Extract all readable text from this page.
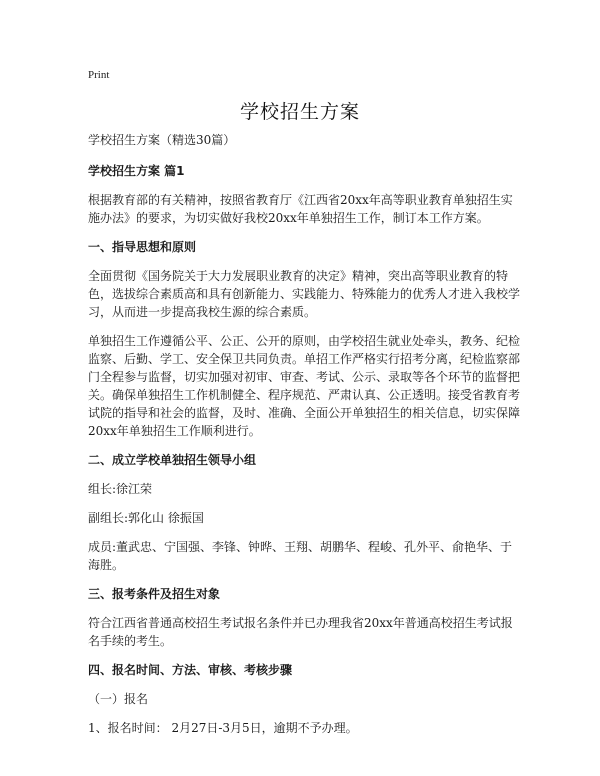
Print
学校招生方案

学校招生方案（精选30篇）

学校招生方案 篇1

根据教育部的有关精神，按照省教育厅《江西省20xx年高等职业教育单独招生实施办法》的要求，为切实做好我校20xx年单独招生工作，制订本工作方案。

一、指导思想和原则

全面贯彻《国务院关于大力发展职业教育的决定》精神，突出高等职业教育的特色，选拔综合素质高和具有创新能力、实践能力、特殊能力的优秀人才进入我校学习，从而进一步提高我校生源的综合素质。

单独招生工作遵循公平、公正、公开的原则，由学校招生就业处牵头，教务、纪检监察、后勤、学工、安全保卫共同负责。单招工作严格实行招考分离，纪检监察部门全程参与监督，切实加强对初审、审查、考试、公示、录取等各个环节的监督把关。确保单独招生工作机制健全、程序规范、严肃认真、公正透明。接受省教育考试院的指导和社会的监督，及时、准确、全面公开单独招生的相关信息，切实保障20xx年单独招生工作顺利进行。

二、成立学校单独招生领导小组

组长:徐江荣

副组长:郭化山 徐振国

成员:董武忠、宁国强、李锋、钟晔、王翔、胡鹏华、程峻、孔外平、俞艳华、于海胜。

三、报考条件及招生对象

符合江西省普通高校招生考试报名条件并已办理我省20xx年普通高校招生考试报名手续的考生。

四、报名时间、方法、审核、考核步骤

（一）报名

1、报名时间： 2月27日-3月5日，逾期不予办理。
